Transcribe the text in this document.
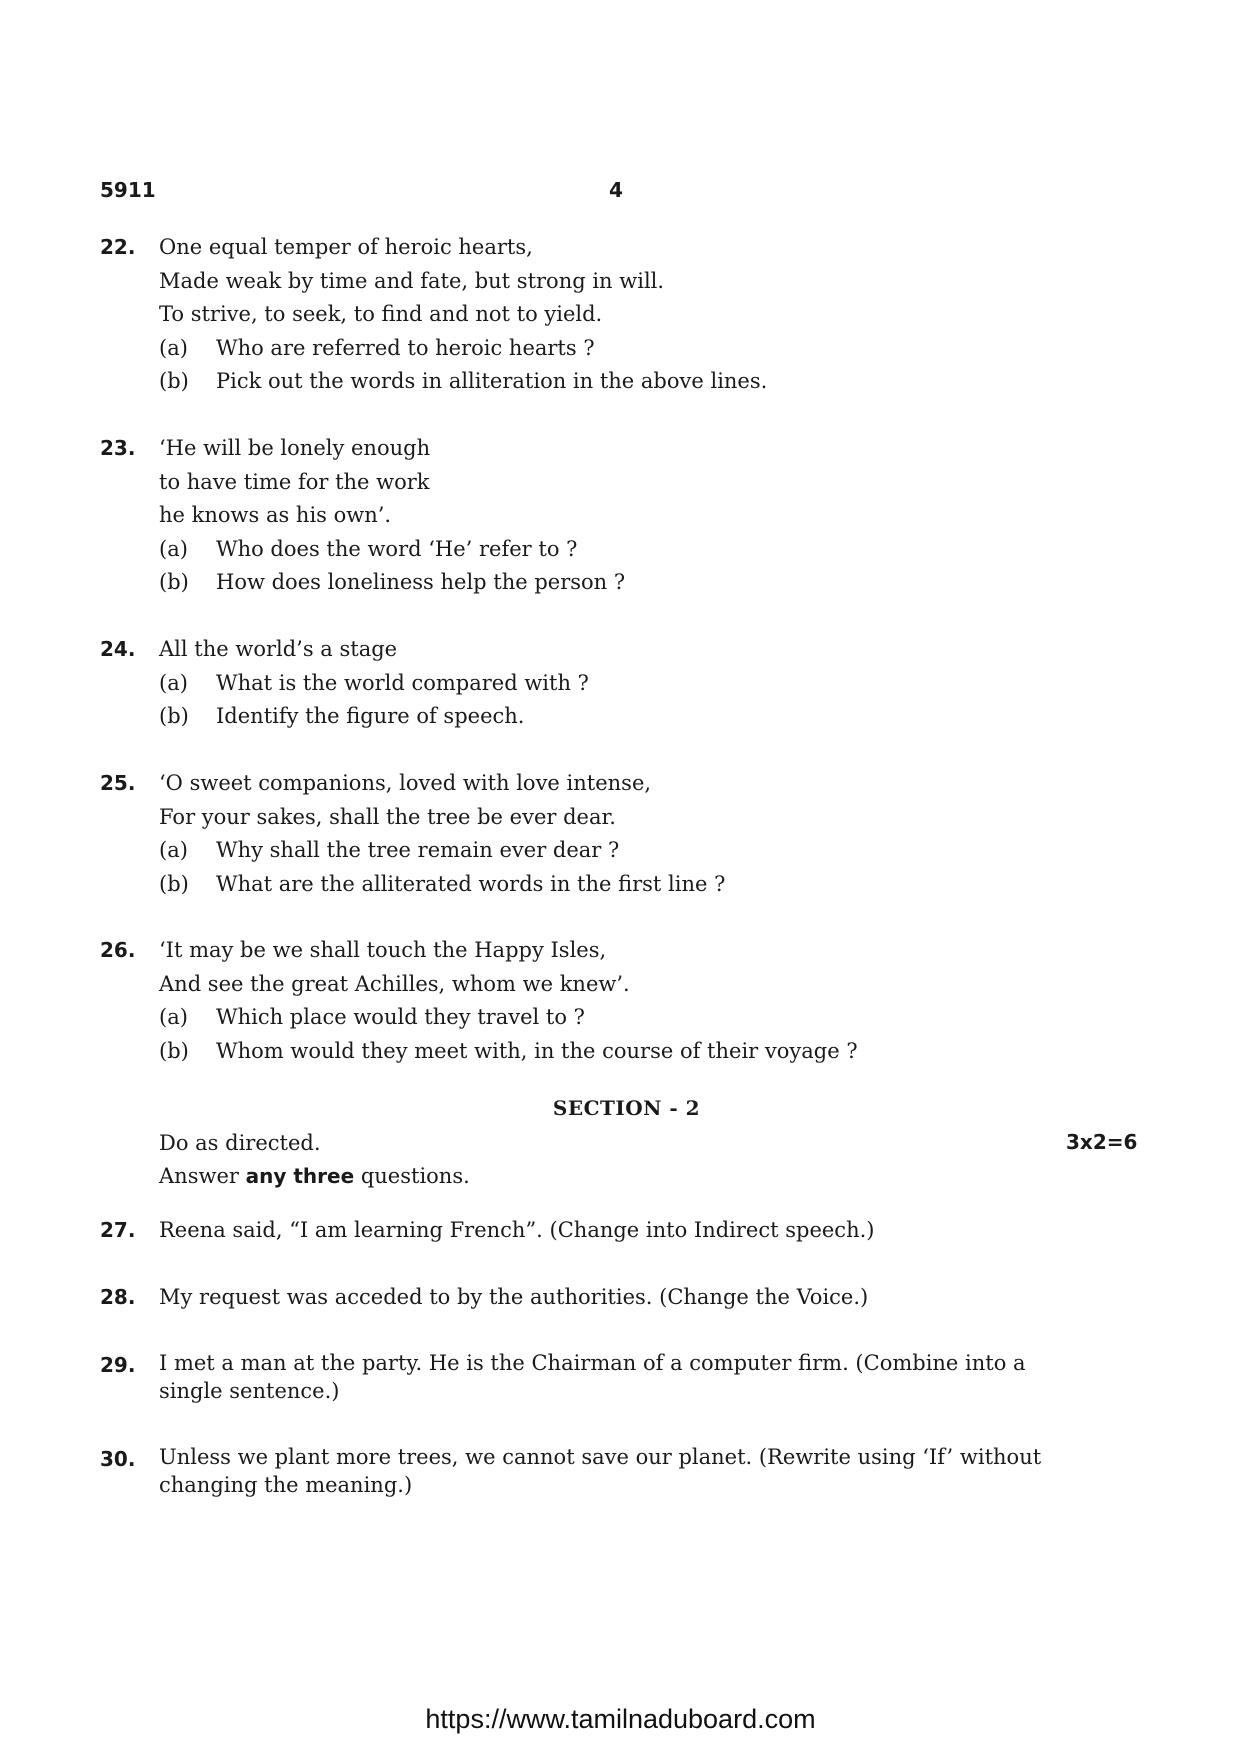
5911	4
22. One equal temper of heroic hearts,
Made weak by time and fate, but strong in will.
To strive, to seek, to find and not to yield.
(a) Who are referred to heroic hearts ?
(b) Pick out the words in alliteration in the above lines.
23. ‘He will be lonely enough
to have time for the work
he knows as his own’.
(a) Who does the word ‘He’ refer to ?
(b) How does loneliness help the person ?
24. All the world’s a stage
(a) What is the world compared with ?
(b) Identify the figure of speech.
25. ‘O sweet companions, loved with love intense,
For your sakes, shall the tree be ever dear.
(a) Why shall the tree remain ever dear ?
(b) What are the alliterated words in the first line ?
26. ‘It may be we shall touch the Happy Isles,
And see the great Achilles, whom we knew’.
(a) Which place would they travel to ?
(b) Whom would they meet with, in the course of their voyage ?
SECTION - 2
Do as directed.	3x2=6
Answer any three questions.
27. Reena said, “I am learning French”. (Change into Indirect speech.)
28. My request was acceded to by the authorities. (Change the Voice.)
29. I met a man at the party. He is the Chairman of a computer firm. (Combine into a single sentence.)
30. Unless we plant more trees, we cannot save our planet. (Rewrite using ‘If’ without changing the meaning.)
https://www.tamilnaduboard.com
